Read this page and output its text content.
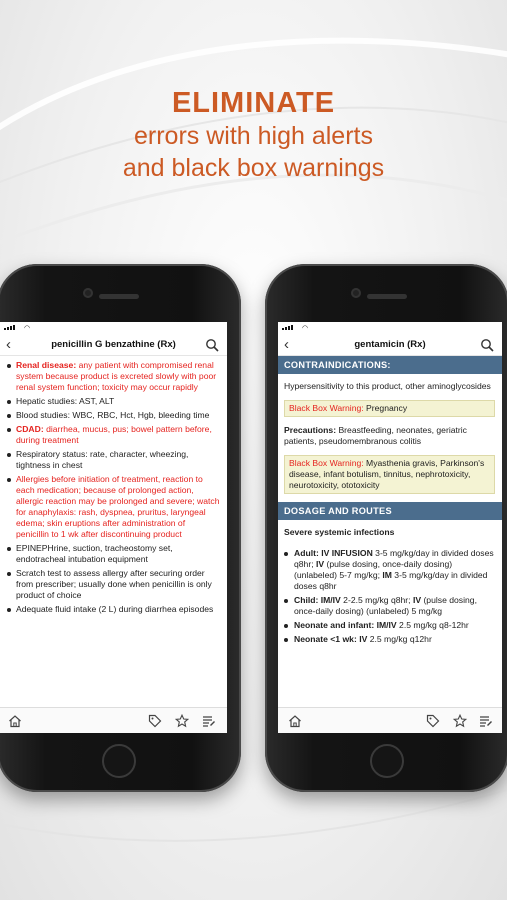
ELIMINATE
errors with high alerts
and black box warnings
◠
‹	penicillin G benzathine (Rx)
Renal disease: any patient with compromised renal system because product is excreted slowly with poor renal system function; toxicity may occur rapidly
Hepatic studies: AST, ALT
Blood studies: WBC, RBC, Hct, Hgb, bleeding time
CDAD: diarrhea, mucus, pus; bowel pattern before, during treatment
Respiratory status: rate, character, wheezing, tightness in chest
Allergies before initiation of treatment, reaction to each medication; because of prolonged action, allergic reaction may be prolonged and severe; watch for anaphylaxis: rash, dyspnea, pruritus, laryngeal edema; skin eruptions after administration of penicillin to 1 wk after discontinuing product
EPINEPHrine, suction, tracheostomy set, endotracheal intubation equipment
Scratch test to assess allergy after securing order from prescriber; usually done when penicillin is only product of choice
Adequate fluid intake (2 L) during diarrhea episodes
◠
‹	gentamicin (Rx)
CONTRAINDICATIONS:

Hypersensitivity to this product, other aminoglycosides

Black Box Warning: Pregnancy

Precautions: Breastfeeding, neonates, geriatric patients, pseudomembranous colitis

Black Box Warning: Myasthenia gravis, Parkinson's disease, infant botulism, tinnitus, nephrotoxicity, neurotoxicity, ototoxicity
DOSAGE AND ROUTES

Severe systemic infections

Adult: IV INFUSION 3-5 mg/kg/day in divided doses q8hr; IV (pulse dosing, once-daily dosing) (unlabeled) 5-7 mg/kg; IM 3-5 mg/kg/day in divided doses q8hr
Child: IM/IV 2-2.5 mg/kg q8hr; IV (pulse dosing, once-daily dosing) (unlabeled) 5 mg/kg
Neonate and infant: IM/IV 2.5 mg/kg q8-12hr
Neonate <1 wk: IV 2.5 mg/kg q12hr
